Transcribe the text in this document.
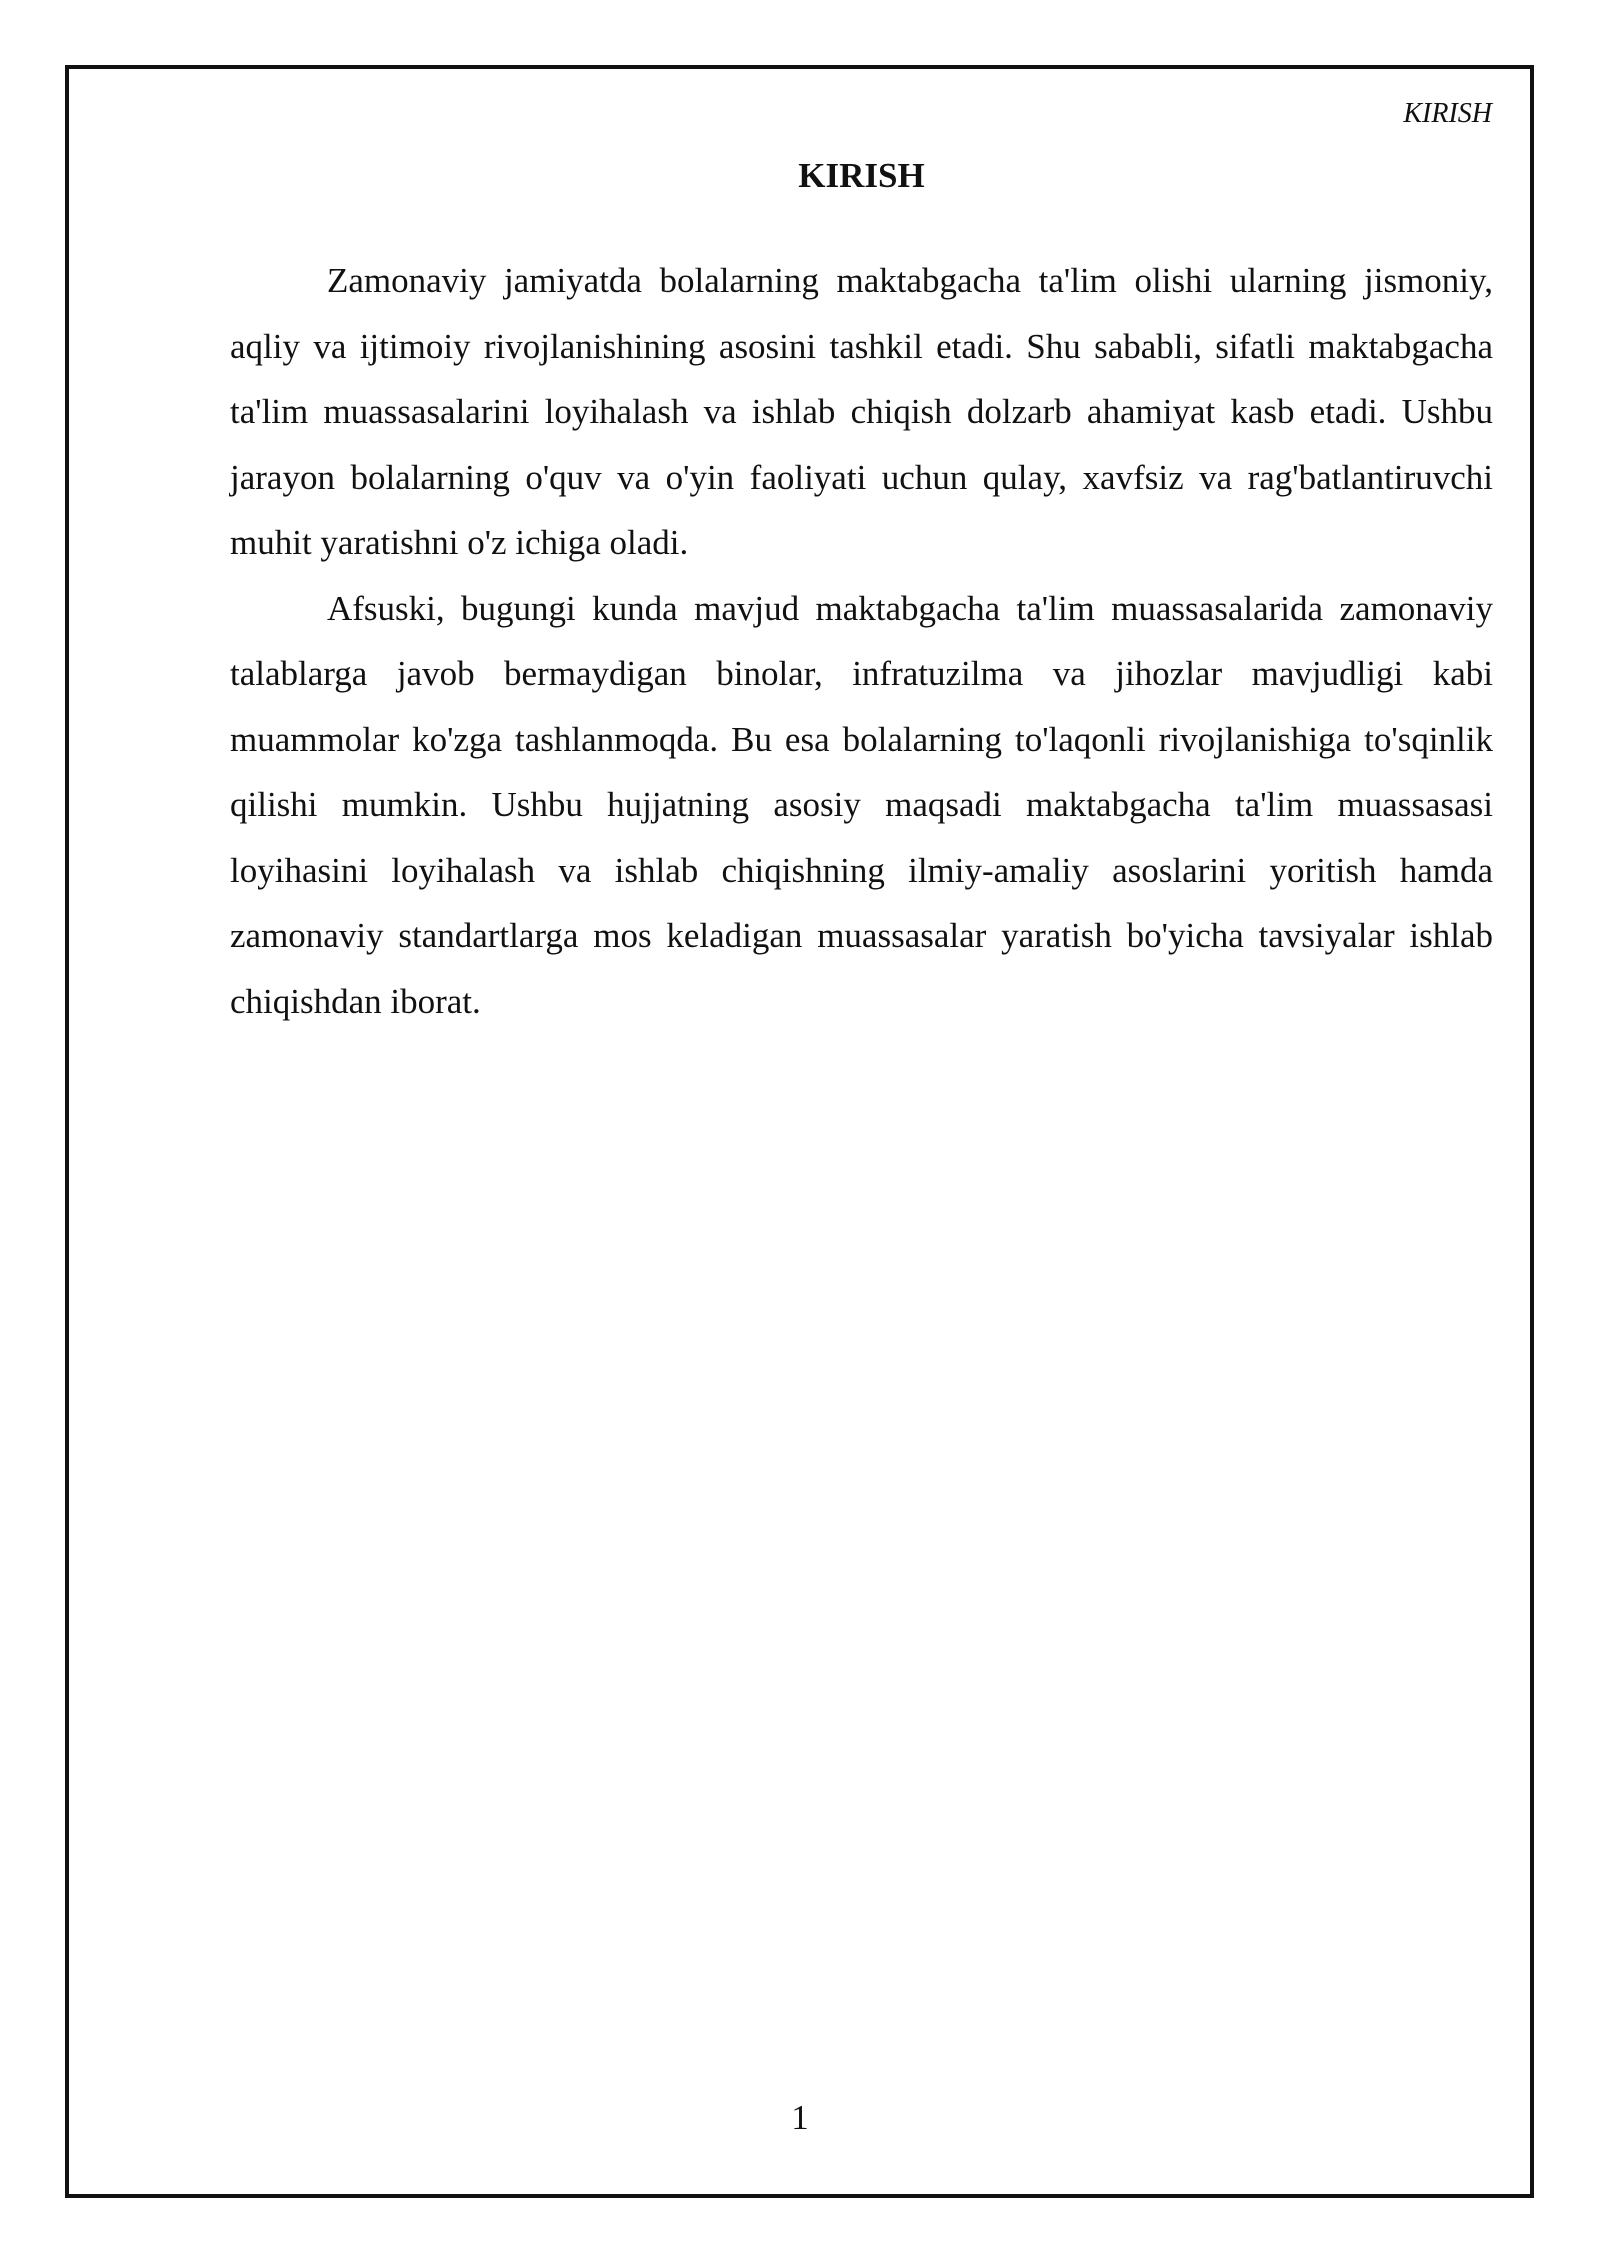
KIRISH
KIRISH

Zamonaviy jamiyatda bolalarning maktabgacha ta'lim olishi ularning jismoniy, aqliy va ijtimoiy rivojlanishining asosini tashkil etadi. Shu sababli, sifatli maktabgacha ta'lim muassasalarini loyihalash va ishlab chiqish dolzarb ahamiyat kasb etadi. Ushbu jarayon bolalarning o'quv va o'yin faoliyati uchun qulay, xavfsiz va rag'batlantiruvchi muhit yaratishni o'z ichiga oladi.

Afsuski, bugungi kunda mavjud maktabgacha ta'lim muassasalarida zamonaviy talablarga javob bermaydigan binolar, infratuzilma va jihozlar mavjudligi kabi muammolar ko'zga tashlanmoqda. Bu esa bolalarning to'laqonli rivojlanishiga to'sqinlik qilishi mumkin. Ushbu hujjatning asosiy maqsadi maktabgacha ta'lim muassasasi loyihasini loyihalash va ishlab chiqishning ilmiy-amaliy asoslarini yoritish hamda zamonaviy standartlarga mos keladigan muassasalar yaratish bo'yicha tavsiyalar ishlab chiqishdan iborat.

1
